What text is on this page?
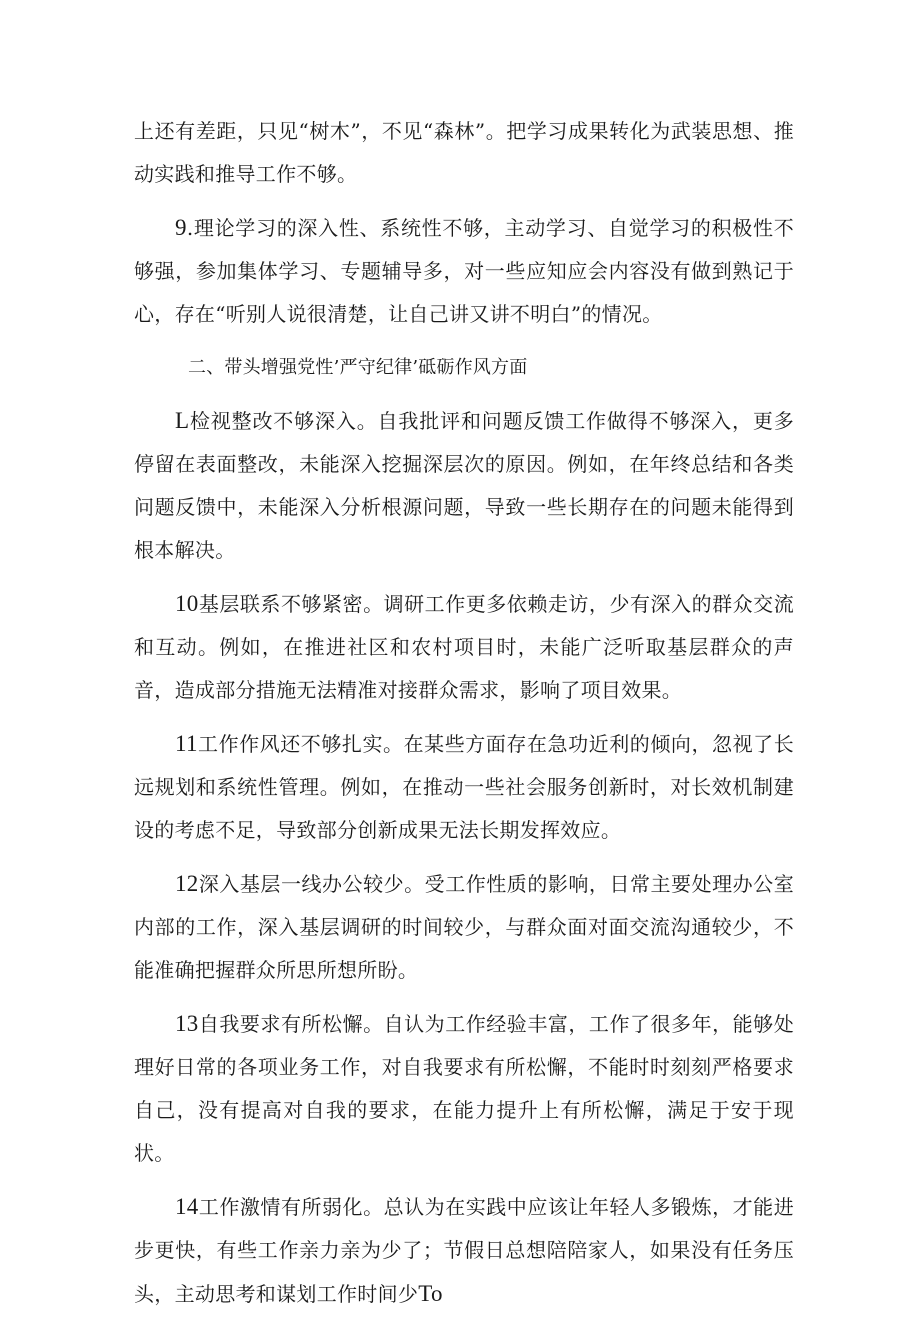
上还有差距，只见“树木”，不见“森林”。把学习成果转化为武装思想、推动实践和推导工作不够。

9.理论学习的深入性、系统性不够，主动学习、自觉学习的积极性不够强，参加集体学习、专题辅导多，对一些应知应会内容没有做到熟记于心，存在“听别人说很清楚，让自己讲又讲不明白”的情况。

二、带头增强党性’严守纪律’砥砺作风方面

L检视整改不够深入。自我批评和问题反馈工作做得不够深入，更多停留在表面整改，未能深入挖掘深层次的原因。例如，在年终总结和各类问题反馈中，未能深入分析根源问题，导致一些长期存在的问题未能得到根本解决。

10基层联系不够紧密。调研工作更多依赖走访，少有深入的群众交流和互动。例如，在推进社区和农村项目时，未能广泛听取基层群众的声音，造成部分措施无法精准对接群众需求，影响了项目效果。

11工作作风还不够扎实。在某些方面存在急功近利的倾向，忽视了长远规划和系统性管理。例如，在推动一些社会服务创新时，对长效机制建设的考虑不足，导致部分创新成果无法长期发挥效应。

12深入基层一线办公较少。受工作性质的影响，日常主要处理办公室内部的工作，深入基层调研的时间较少，与群众面对面交流沟通较少，不能准确把握群众所思所想所盼。

13自我要求有所松懈。自认为工作经验丰富，工作了很多年，能够处理好日常的各项业务工作，对自我要求有所松懈，不能时时刻刻严格要求自己，没有提高对自我的要求，在能力提升上有所松懈，满足于安于现状。

14工作激情有所弱化。总认为在实践中应该让年轻人多锻炼，才能进步更快，有些工作亲力亲为少了；节假日总想陪陪家人，如果没有任务压头，主动思考和谋划工作时间少To
